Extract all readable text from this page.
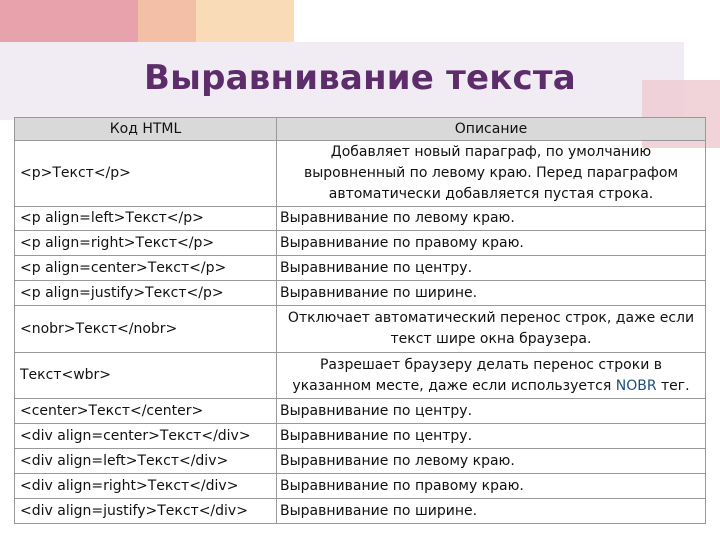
Выравнивание текста
Код HTML	Описание
<p>Текст</p>	Добавляет новый параграф, по умолчанию выровненный по левому краю. Перед параграфом автоматически добавляется пустая строка.
<p align=left>Текст</p>	Выравнивание по левому краю.
<p align=right>Текст</p>	Выравнивание по правому краю.
<p align=center>Текст</p>	Выравнивание по центру.
<p align=justify>Текст</p>	Выравнивание по ширине.
<nobr>Текст</nobr>	Отключает автоматический перенос строк, даже если текст шире окна браузера.
Текст<wbr>	Разрешает браузеру делать перенос строки в указанном месте, даже если используется NOBR тег.
<center>Текст</center>	Выравнивание по центру.
<div align=center>Текст</div>	Выравнивание по центру.
<div align=left>Текст</div>	Выравнивание по левому краю.
<div align=right>Текст</div>	Выравнивание по правому краю.
<div align=justify>Текст</div>	Выравнивание по ширине.
